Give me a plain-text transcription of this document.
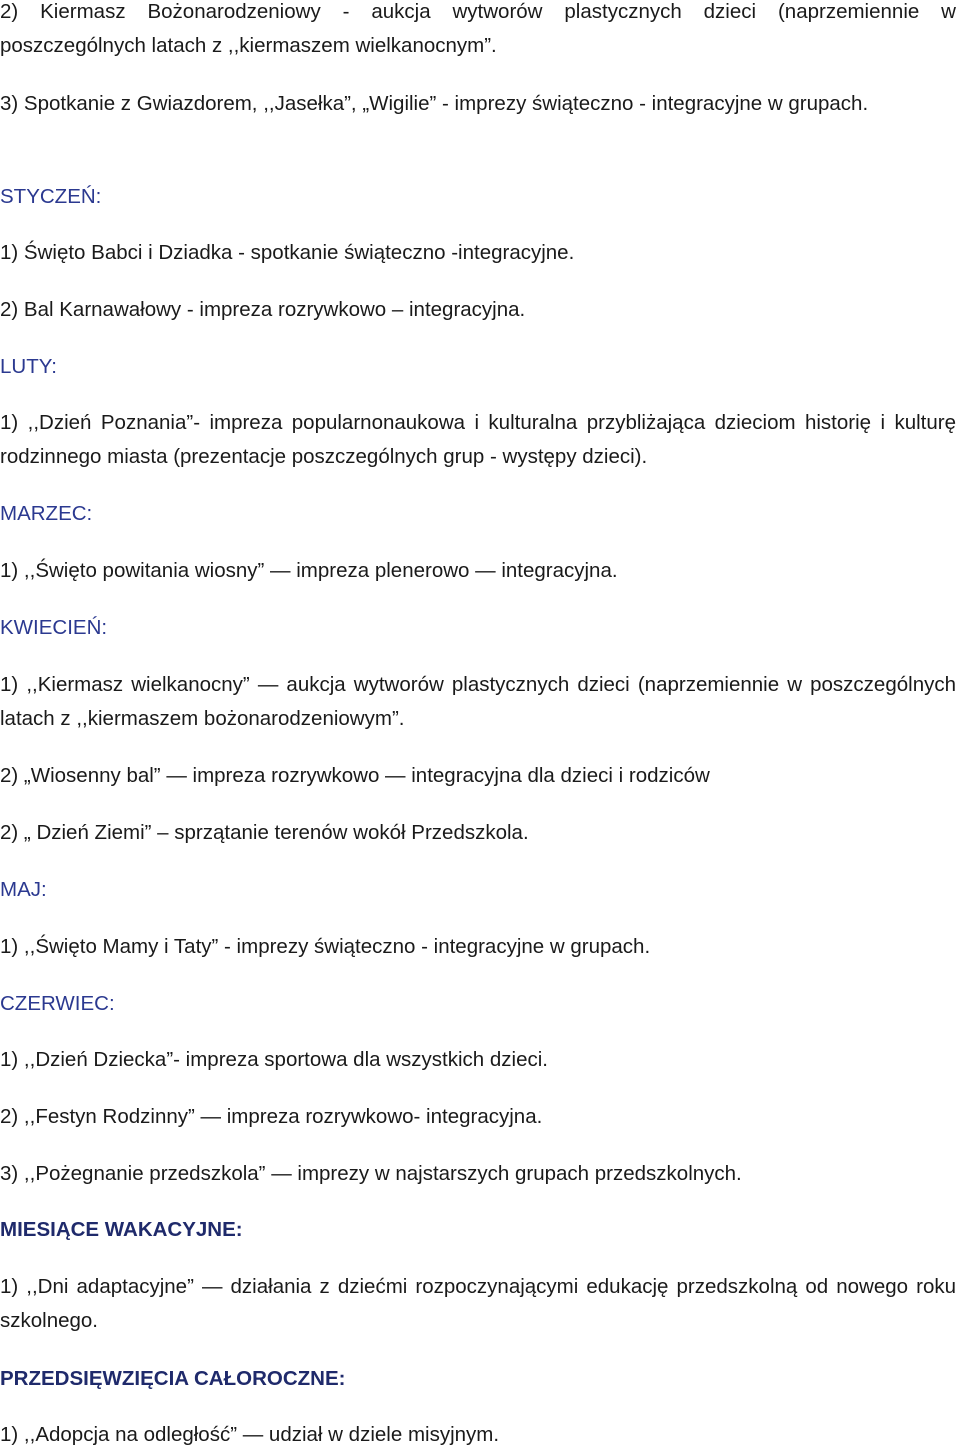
2) Kiermasz Bożonarodzeniowy - aukcja wytworów plastycznych dzieci (naprzemiennie w poszczególnych latach z ,,kiermaszem wielkanocnym”.

3) Spotkanie z Gwiazdorem, ,,Jasełka”, „Wigilie” - imprezy świąteczno - integracyjne w grupach.

STYCZEŃ:

1) Święto Babci i Dziadka - spotkanie świąteczno -integracyjne.

2) Bal Karnawałowy - impreza rozrywkowo – integracyjna.

LUTY:

1) ,,Dzień Poznania”- impreza popularnonaukowa i kulturalna przybliżająca dzieciom historię i kulturę rodzinnego miasta (prezentacje poszczególnych grup - występy dzieci).

MARZEC:

1) ,,Święto powitania wiosny” — impreza plenerowo — integracyjna.

KWIECIEŃ:

1) ,,Kiermasz wielkanocny” — aukcja wytworów plastycznych dzieci (naprzemiennie w poszczególnych latach z ,,kiermaszem bożonarodzeniowym”.

2) „Wiosenny bal” — impreza rozrywkowo — integracyjna dla dzieci i rodziców

2) „ Dzień Ziemi” – sprzątanie terenów wokół Przedszkola.

MAJ:

1) ,,Święto Mamy i Taty” - imprezy świąteczno - integracyjne w grupach.

CZERWIEC:

1) ,,Dzień Dziecka”- impreza sportowa dla wszystkich dzieci.

2) ,,Festyn Rodzinny” — impreza rozrywkowo- integracyjna.

3) ,,Pożegnanie przedszkola” — imprezy w najstarszych grupach przedszkolnych.

MIESIĄCE WAKACYJNE:

1) ,,Dni adaptacyjne” — działania z dziećmi rozpoczynającymi edukację przedszkolną od nowego roku szkolnego.

PRZEDSIĘWZIĘCIA CAŁOROCZNE:

1) ,,Adopcja na odległość” — udział w dziele misyjnym.
